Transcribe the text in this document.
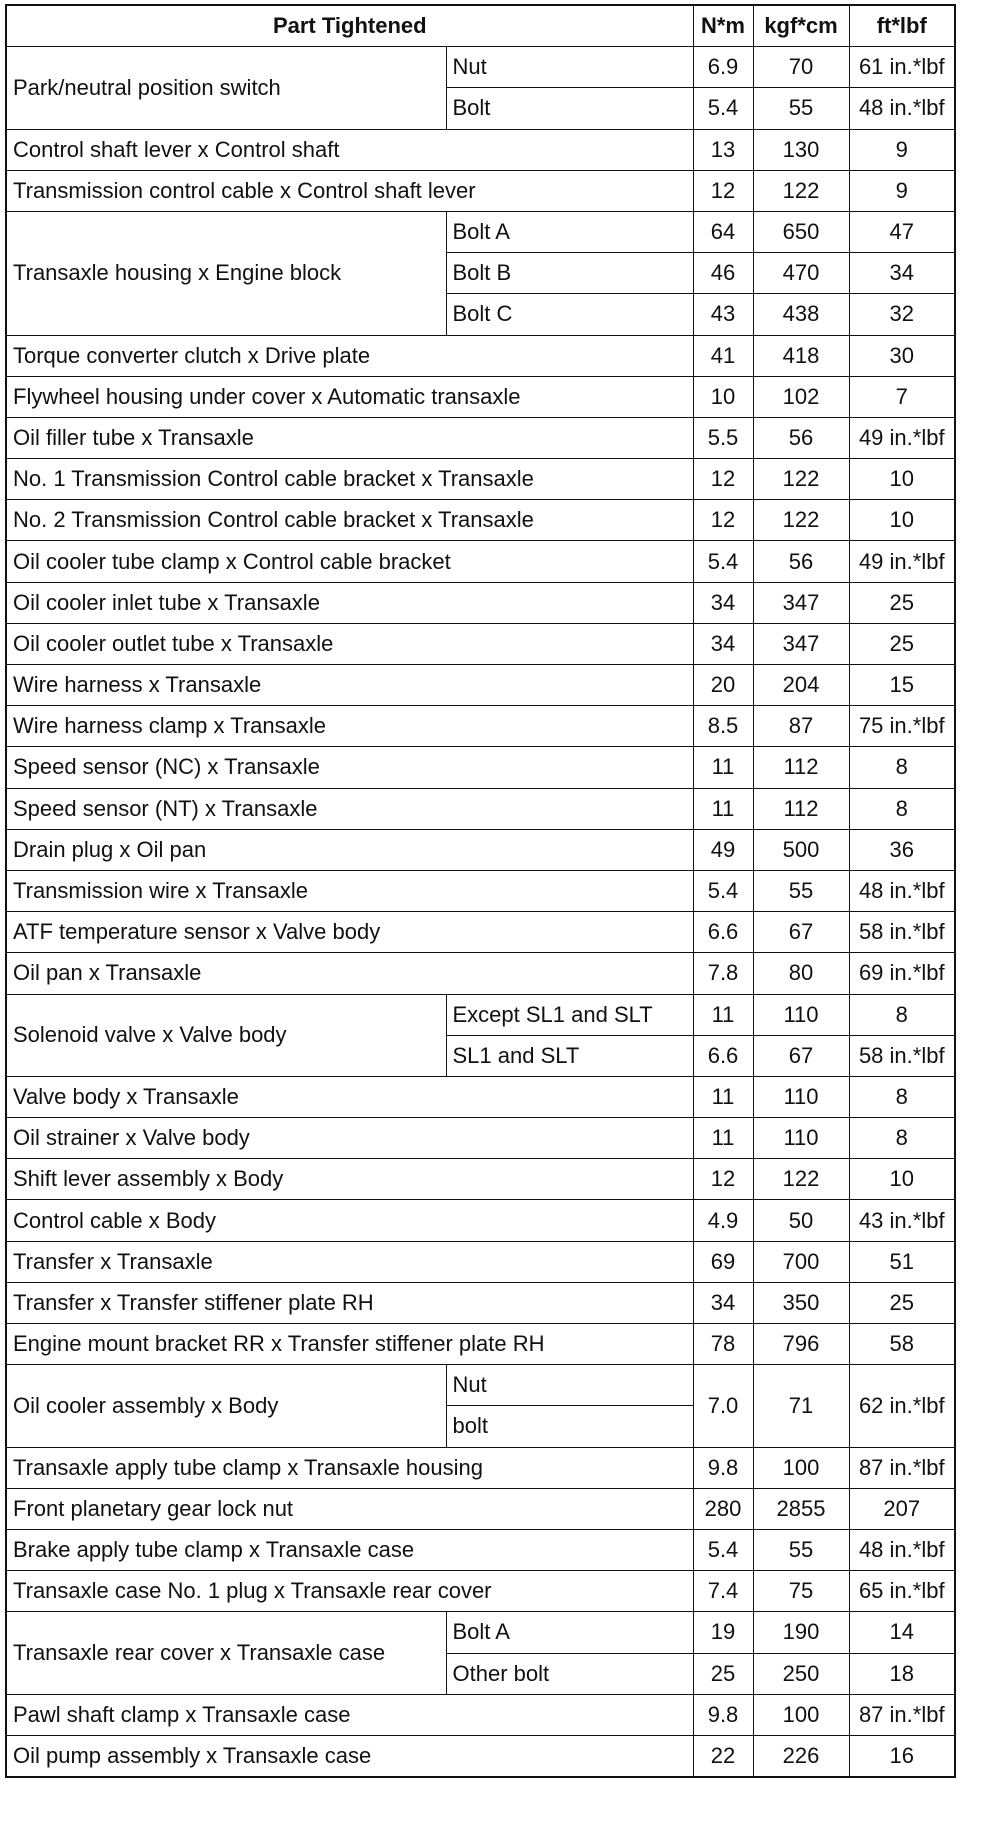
Part Tightened		N*m	kgf*cm	ft*lbf
Park/neutral position switch	Nut	6.9	70	61 in.*lbf
	Bolt	5.4	55	48 in.*lbf
Control shaft lever x Control shaft		13	130	9
Transmission control cable x Control shaft lever		12	122	9
Transaxle housing x Engine block	Bolt A	64	650	47
	Bolt B	46	470	34
	Bolt C	43	438	32
Torque converter clutch x Drive plate		41	418	30
Flywheel housing under cover x Automatic transaxle		10	102	7
Oil filler tube x Transaxle		5.5	56	49 in.*lbf
No. 1 Transmission Control cable bracket x Transaxle		12	122	10
No. 2 Transmission Control cable bracket x Transaxle		12	122	10
Oil cooler tube clamp x Control cable bracket		5.4	56	49 in.*lbf
Oil cooler inlet tube x Transaxle		34	347	25
Oil cooler outlet tube x Transaxle		34	347	25
Wire harness x Transaxle		20	204	15
Wire harness clamp x Transaxle		8.5	87	75 in.*lbf
Speed sensor (NC) x Transaxle		11	112	8
Speed sensor (NT) x Transaxle		11	112	8
Drain plug x Oil pan		49	500	36
Transmission wire x Transaxle		5.4	55	48 in.*lbf
ATF temperature sensor x Valve body		6.6	67	58 in.*lbf
Oil pan x Transaxle		7.8	80	69 in.*lbf
Solenoid valve x Valve body	Except SL1 and SLT	11	110	8
	SL1 and SLT	6.6	67	58 in.*lbf
Valve body x Transaxle		11	110	8
Oil strainer x Valve body		11	110	8
Shift lever assembly x Body		12	122	10
Control cable x Body		4.9	50	43 in.*lbf
Transfer x Transaxle		69	700	51
Transfer x Transfer stiffener plate RH		34	350	25
Engine mount bracket RR x Transfer stiffener plate RH		78	796	58
Oil cooler assembly x Body	Nut	7.0	71	62 in.*lbf
	bolt			
Transaxle apply tube clamp x Transaxle housing		9.8	100	87 in.*lbf
Front planetary gear lock nut		280	2855	207
Brake apply tube clamp x Transaxle case		5.4	55	48 in.*lbf
Transaxle case No. 1 plug x Transaxle rear cover		7.4	75	65 in.*lbf
Transaxle rear cover x Transaxle case	Bolt A	19	190	14
	Other bolt	25	250	18
Pawl shaft clamp x Transaxle case		9.8	100	87 in.*lbf
Oil pump assembly x Transaxle case		22	226	16
